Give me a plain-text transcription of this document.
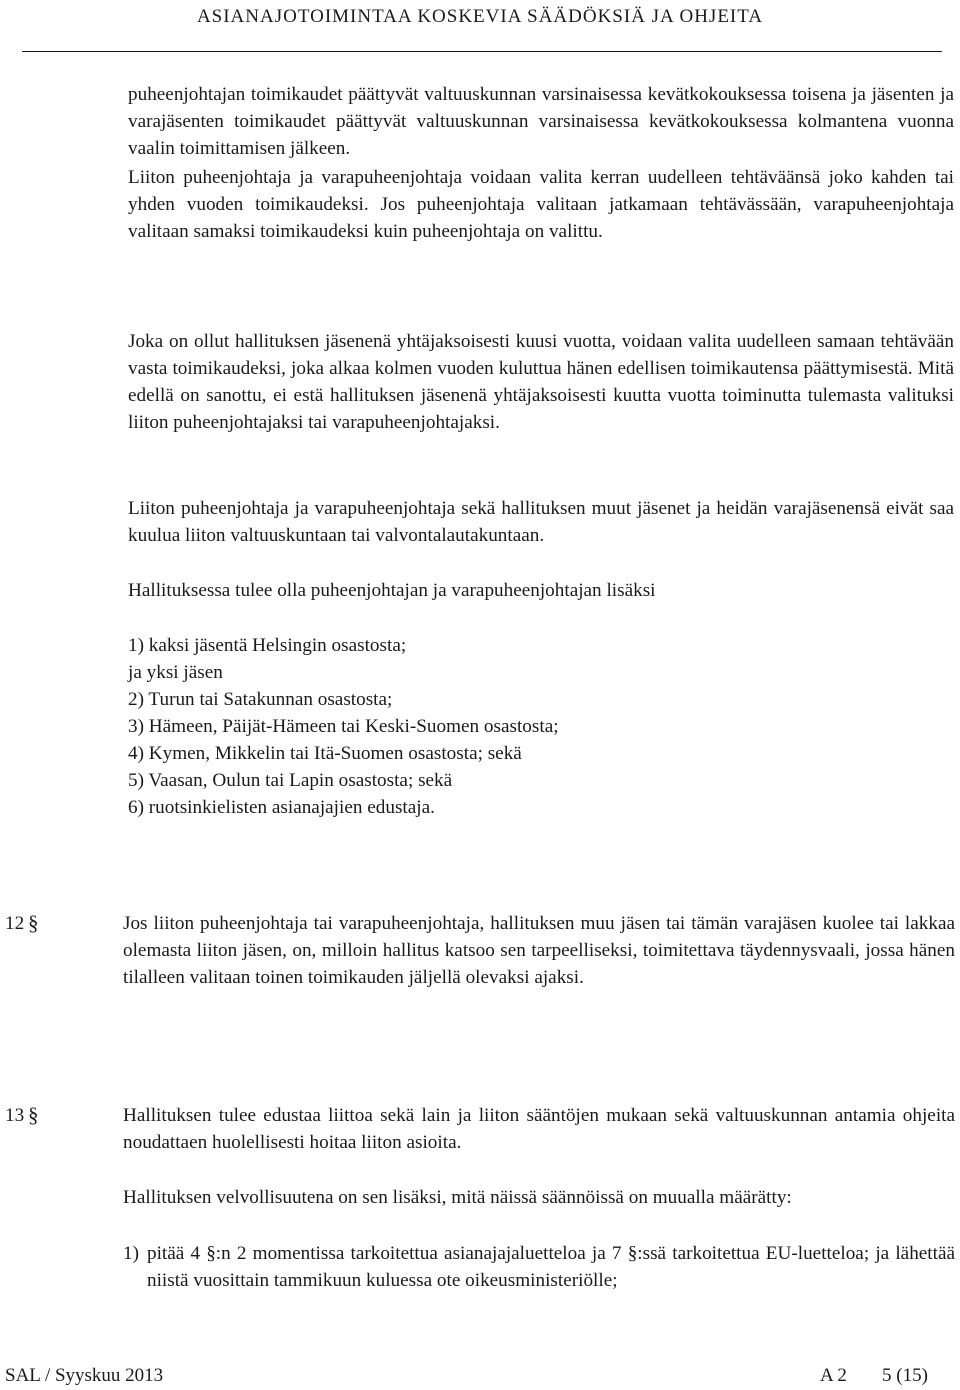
ASIANAJOTOIMINTAA KOSKEVIA SÄÄDÖKSIÄ JA OHJEITA
puheenjohtajan toimikaudet päättyvät valtuuskunnan varsinaisessa kevätkokouksessa toisena ja jäsenten ja varajäsenten toimikaudet päättyvät valtuuskunnan varsinaisessa kevätkokouksessa kolmantena vuonna vaalin toimittamisen jälkeen.
Liiton puheenjohtaja ja varapuheenjohtaja voidaan valita kerran uudelleen tehtäväänsä joko kahden tai yhden vuoden toimikaudeksi. Jos puheenjohtaja valitaan jatkamaan tehtävässään, varapuheenjohtaja valitaan samaksi toimikaudeksi kuin puheenjohtaja on valittu.
Joka on ollut hallituksen jäsenenä yhtäjaksoisesti kuusi vuotta, voidaan valita uudelleen samaan tehtävään vasta toimikaudeksi, joka alkaa kolmen vuoden kuluttua hänen edellisen toimikautensa päättymisestä. Mitä edellä on sanottu, ei estä hallituksen jäsenenä yhtäjaksoisesti kuutta vuotta toiminutta tulemasta valituksi liiton puheenjohtajaksi tai varapuheenjohtajaksi.
Liiton puheenjohtaja ja varapuheenjohtaja sekä hallituksen muut jäsenet ja heidän varajäsenensä eivät saa kuulua liiton valtuuskuntaan tai valvontalautakuntaan.
Hallituksessa tulee olla puheenjohtajan ja varapuheenjohtajan lisäksi
1) kaksi jäsentä Helsingin osastosta;
ja yksi jäsen
2) Turun tai Satakunnan osastosta;
3) Hämeen, Päijät-Hämeen tai Keski-Suomen osastosta;
4) Kymen, Mikkelin tai Itä-Suomen osastosta; sekä
5) Vaasan, Oulun tai Lapin osastosta; sekä
6) ruotsinkielisten asianajajien edustaja.
12 §	Jos liiton puheenjohtaja tai varapuheenjohtaja, hallituksen muu jäsen tai tämän varajäsen kuolee tai lakkaa olemasta liiton jäsen, on, milloin hallitus katsoo sen tarpeelliseksi, toimitettava täydennysvaali, jossa hänen tilalleen valitaan toinen toimikauden jäljellä olevaksi ajaksi.
13 §	Hallituksen tulee edustaa liittoa sekä lain ja liiton sääntöjen mukaan sekä valtuuskunnan antamia ohjeita noudattaen huolellisesti hoitaa liiton asioita.
Hallituksen velvollisuutena on sen lisäksi, mitä näissä säännöissä on muualla määrätty:
1) pitää 4 §:n 2 momentissa tarkoitettua asianajajaluetteloa ja 7 §:ssä tarkoitettua EU-luetteloa; ja lähettää niistä vuosittain tammikuun kuluessa ote oikeusministeriölle;
SAL / Syyskuu 2013	A 2 5 (15)
